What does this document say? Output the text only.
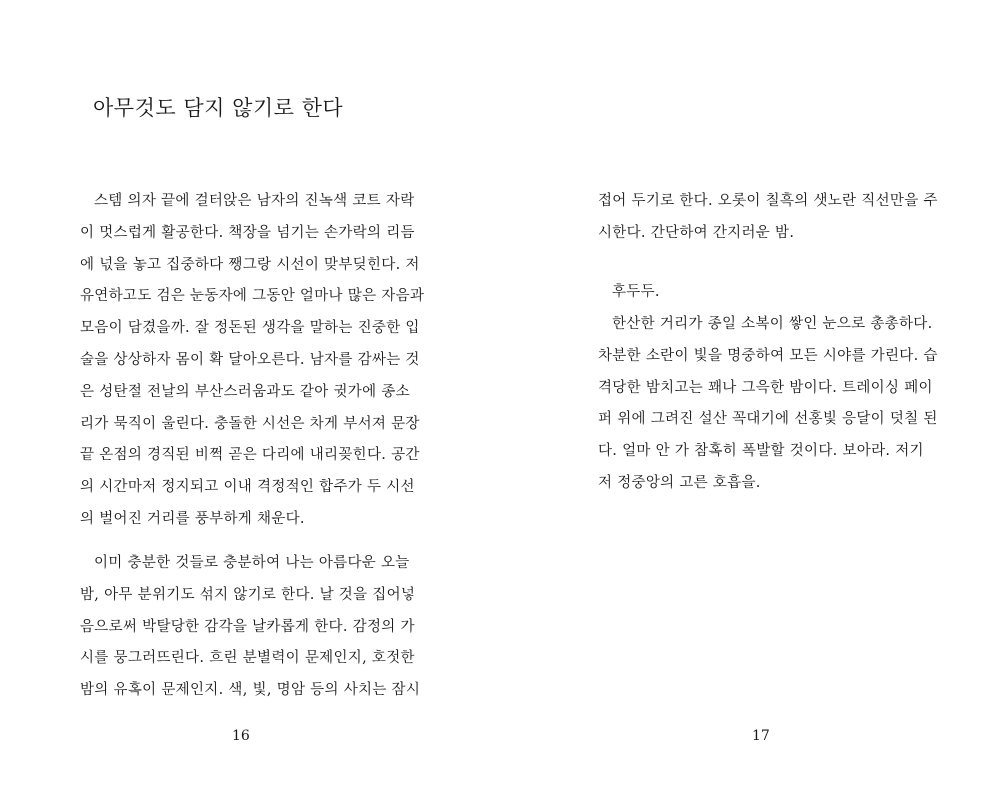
아무것도 담지 않기로 한다

스템 의자 끝에 걸터앉은 남자의 진녹색 코트 자락
이 멋스럽게 활공한다. 책장을 넘기는 손가락의 리듬
에 넋을 놓고 집중하다 쨍그랑 시선이 맞부딪힌다. 저
유연하고도 검은 눈동자에 그동안 얼마나 많은 자음과
모음이 담겼을까. 잘 정돈된 생각을 말하는 진중한 입
술을 상상하자 몸이 확 달아오른다. 남자를 감싸는 것
은 성탄절 전날의 부산스러움과도 같아 귓가에 종소
리가 묵직이 울린다. 충돌한 시선은 차게 부서져 문장
끝 온점의 경직된 비쩍 곧은 다리에 내리꽂힌다. 공간
의 시간마저 정지되고 이내 격정적인 합주가 두 시선
의 벌어진 거리를 풍부하게 채운다.

이미 충분한 것들로 충분하여 나는 아름다운 오늘
밤, 아무 분위기도 섞지 않기로 한다. 날 것을 집어넣
음으로써 박탈당한 감각을 날카롭게 한다. 감정의 가
시를 뭉그러뜨린다. 흐린 분별력이 문제인지, 호젓한
밤의 유혹이 문제인지. 색, 빛, 명암 등의 사치는 잠시

16

접어 두기로 한다. 오롯이 칠흑의 샛노란 직선만을 주
시한다. 간단하여 간지러운 밤.

후두두.

한산한 거리가 종일 소복이 쌓인 눈으로 총총하다.
차분한 소란이 빛을 명중하여 모든 시야를 가린다. 습
격당한 밤치고는 꽤나 그윽한 밤이다. 트레이싱 페이
퍼 위에 그려진 설산 꼭대기에 선홍빛 응달이 덧칠 된
다. 얼마 안 가 참혹히 폭발할 것이다. 보아라. 저기
저 정중앙의 고른 호흡을.

17
